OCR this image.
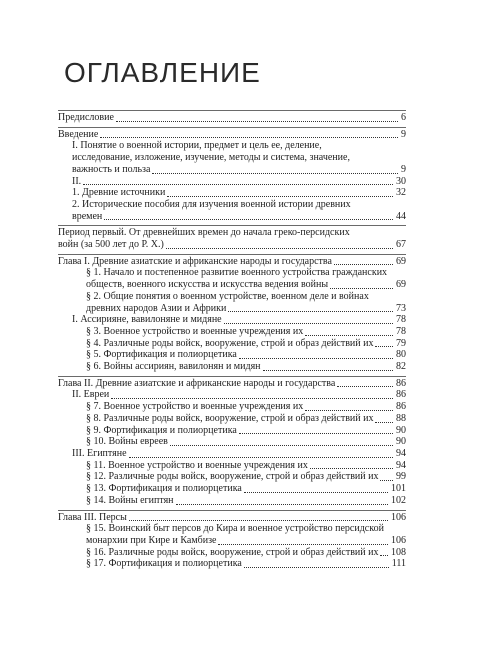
ОГЛАВЛЕНИЕ
Предисловие	6
Введение	9
I. Понятие о военной истории, предмет и цель ее, деление,
исследование, изложение, изучение, методы и система, значение,
важность и польза	9
II.	30
1. Древние источники	32
2. Исторические пособия для изучения военной истории древних
времен	44
Период первый. От древнейших времен до начала греко-персидских
войн (за 500 лет до Р. Х.)	67
Глава I. Древние азиатские и африканские народы и государства	69
§ 1. Начало и постепенное развитие военного устройства гражданских
обществ, военного искусства и искусства ведения войны	69
§ 2. Общие понятия о военном устройстве, военном деле и войнах
древних народов Азии и Африки	73
I. Ассирияне, вавилоняне и мидяне	78
§ 3. Военное устройство и военные учреждения их	78
§ 4. Различные роды войск, вооружение, строй и образ действий их 79
§ 5. Фортификация и полиорцетика	80
§ 6. Войны ассириян, вавилонян и мидян	82
Глава II. Древние азиатские и африканские народы и государства	86
II. Евреи	86
§ 7. Военное устройство и военные учреждения их	86
§ 8. Различные роды войск, вооружение, строй и образ действий их 88
§ 9. Фортификация и полиорцетика	90
§ 10. Войны евреев	90
III. Египтяне	94
§ 11. Военное устройство и военные учреждения их	94
§ 12. Различные роды войск, вооружение, строй и образ действий их 99
§ 13. Фортификация и полиорцетика	101
§ 14. Войны египтян	102
Глава III. Персы	106
§ 15. Воинский быт персов до Кира и военное устройство персидской
монархии при Кире и Камбизе	106
§ 16. Различные роды войск, вооружение, строй и образ действий их 108
§ 17. Фортификация и полиорцетика	111
